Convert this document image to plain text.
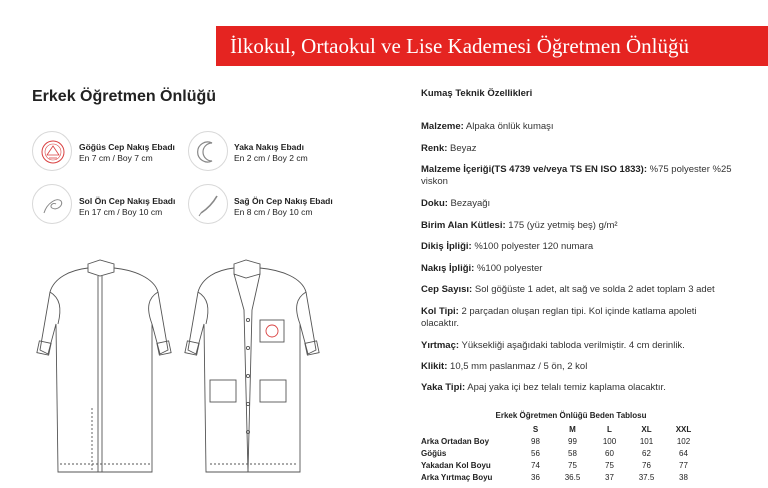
İlkokul, Ortaokul ve Lise Kademesi Öğretmen Önlüğü
Erkek Öğretmen Önlüğü
Göğüs Cep Nakış Ebadı
En 7 cm / Boy 7 cm
Yaka Nakış Ebadı
En 2 cm / Boy 2 cm
Sol Ön Cep Nakış Ebadı
En 17 cm / Boy 10 cm
Sağ Ön Cep Nakış Ebadı
En 8 cm / Boy 10 cm
Kumaş Teknik Özellikleri
Malzeme: Alpaka önlük kumaşı
Renk: Beyaz
Malzeme İçeriği(TS 4739 ve/veya TS EN ISO 1833): %75 polyester %25 viskon
Doku: Bezayağı
Birim Alan Kütlesi: 175 (yüz yetmiş beş) g/m²
Dikiş İpliği: %100 polyester 120 numara
Nakış İpliği: %100 polyester
Cep Sayısı: Sol göğüste 1 adet, alt sağ ve solda 2 adet toplam 3 adet
Kol Tipi: 2 parçadan oluşan reglan tipi. Kol içinde katlama apoleti olacaktır.
Yırtmaç: Yüksekliği aşağıdaki tabloda verilmiştir. 4 cm derinlik.
Klikit: 10,5 mm paslanmaz / 5 ön, 2 kol
Yaka Tipi: Apaj yaka içi bez telalı temiz kaplama olacaktır.
Erkek Öğretmen Önlüğü Beden Tablosu
	S	M	L	XL	XXL
Arka Ortadan Boy	98	99	100	101	102
Göğüs	56	58	60	62	64
Yakadan Kol Boyu	74	75	75	76	77
Arka Yırtmaç Boyu	36	36.5	37	37.5	38
